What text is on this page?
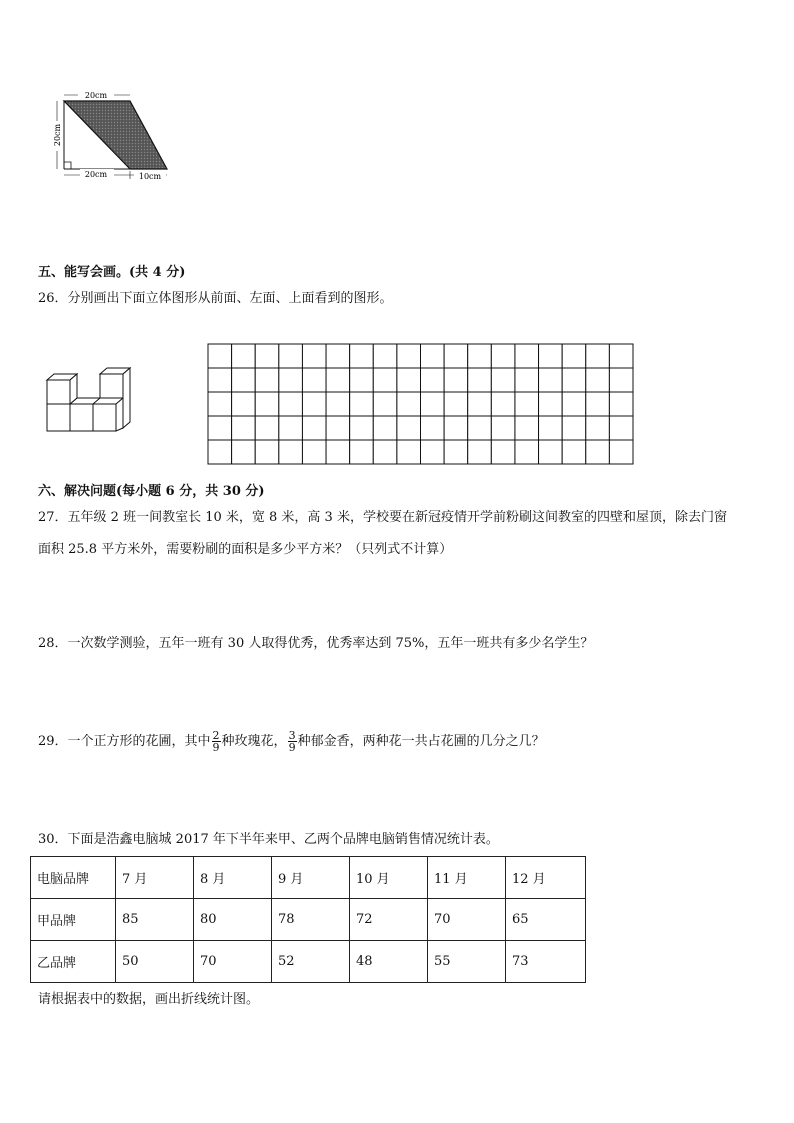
20cm
20cm
20cm	10cm
五、能写会画。(共 4 分)
26．分别画出下面立体图形从前面、左面、上面看到的图形。
六、解决问题(每小题 6 分，共 30 分)
27．五年级 2 班一间教室长 10 米，宽 8 米，高 3 米，学校要在新冠疫情开学前粉刷这间教室的四壁和屋顶，除去门窗
面积 25.8 平方米外，需要粉刷的面积是多少平方米？（只列式不计算）
28．一次数学测验，五年一班有 30 人取得优秀，优秀率达到 75%，五年一班共有多少名学生？
29．一个正方形的花圃，其中 $\frac{2}{9}$ 种玫瑰花， $\frac{3}{9}$ 种郁金香，两种花一共占花圃的几分之几？
30．下面是浩鑫电脑城 2017 年下半年来甲、乙两个品牌电脑销售情况统计表。
电脑品牌	7 月	8 月	9 月	10 月	11 月	12 月
甲品牌	85	80	78	72	70	65
乙品牌	50	70	52	48	55	73
请根据表中的数据，画出折线统计图。
